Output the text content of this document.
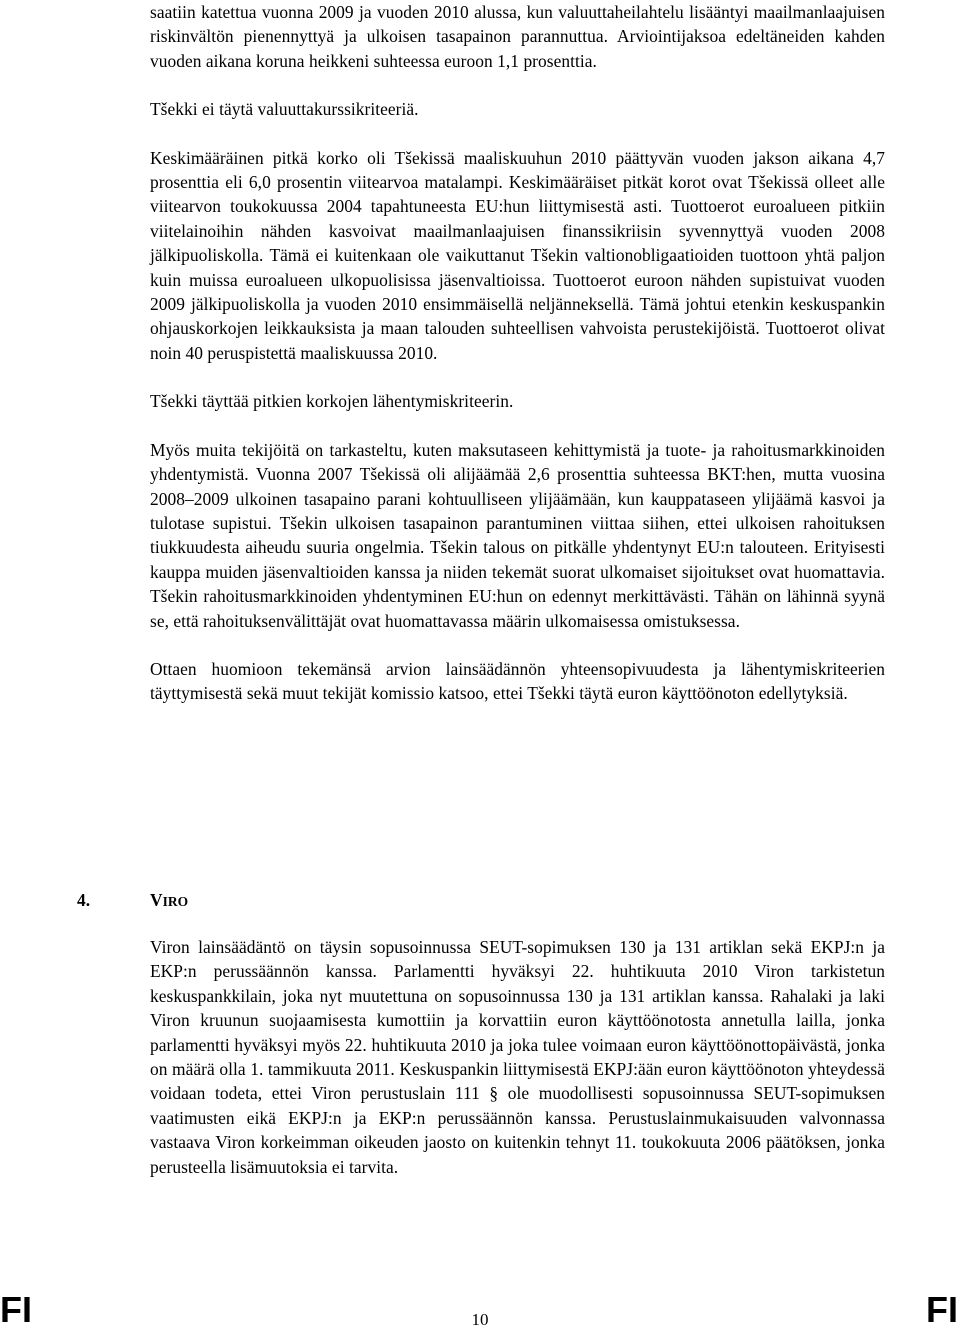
saatiin katettua vuonna 2009 ja vuoden 2010 alussa, kun valuuttaheilahtelu lisääntyi maailmanlaajuisen riskinvältön pienennyttyä ja ulkoisen tasapainon parannuttua. Arviointijaksoa edeltäneiden kahden vuoden aikana koruna heikkeni suhteessa euroon 1,1 prosenttia.

Tšekki ei täytä valuuttakurssikriteeriä.

Keskimääräinen pitkä korko oli Tšekissä maaliskuuhun 2010 päättyvän vuoden jakson aikana 4,7 prosenttia eli 6,0 prosentin viitearvoa matalampi. Keskimääräiset pitkät korot ovat Tšekissä olleet alle viitearvon toukokuussa 2004 tapahtuneesta EU:hun liittymisestä asti. Tuottoerot euroalueen pitkiin viitelainoihin nähden kasvoivat maailmanlaajuisen finanssikriisin syvennyttyä vuoden 2008 jälkipuoliskolla. Tämä ei kuitenkaan ole vaikuttanut Tšekin valtionobligaatioiden tuottoon yhtä paljon kuin muissa euroalueen ulkopuolisissa jäsenvaltioissa. Tuottoerot euroon nähden supistuivat vuoden 2009 jälkipuoliskolla ja vuoden 2010 ensimmäisellä neljänneksellä. Tämä johtui etenkin keskuspankin ohjauskorkojen leikkauksista ja maan talouden suhteellisen vahvoista perustekijöistä. Tuottoerot olivat noin 40 peruspistettä maaliskuussa 2010.

Tšekki täyttää pitkien korkojen lähentymiskriteerin.

Myös muita tekijöitä on tarkasteltu, kuten maksutaseen kehittymistä ja tuote- ja rahoitusmarkkinoiden yhdentymistä. Vuonna 2007 Tšekissä oli alijäämää 2,6 prosenttia suhteessa BKT:hen, mutta vuosina 2008–2009 ulkoinen tasapaino parani kohtuulliseen ylijäämään, kun kauppataseen ylijäämä kasvoi ja tulotase supistui. Tšekin ulkoisen tasapainon parantuminen viittaa siihen, ettei ulkoisen rahoituksen tiukkuudesta aiheudu suuria ongelmia. Tšekin talous on pitkälle yhdentynyt EU:n talouteen. Erityisesti kauppa muiden jäsenvaltioiden kanssa ja niiden tekemät suorat ulkomaiset sijoitukset ovat huomattavia. Tšekin rahoitusmarkkinoiden yhdentyminen EU:hun on edennyt merkittävästi. Tähän on lähinnä syynä se, että rahoituksenvälittäjät ovat huomattavassa määrin ulkomaisessa omistuksessa.

Ottaen huomioon tekemänsä arvion lainsäädännön yhteensopivuudesta ja lähentymiskriteerien täyttymisestä sekä muut tekijät komissio katsoo, ettei Tšekki täytä euron käyttöönoton edellytyksiä.

4.	VIRO

Viron lainsäädäntö on täysin sopusoinnussa SEUT-sopimuksen 130 ja 131 artiklan sekä EKPJ:n ja EKP:n perussäännön kanssa. Parlamentti hyväksyi 22. huhtikuuta 2010 Viron tarkistetun keskuspankkilain, joka nyt muutettuna on sopusoinnussa 130 ja 131 artiklan kanssa. Rahalaki ja laki Viron kruunun suojaamisesta kumottiin ja korvattiin euron käyttöönotosta annetulla lailla, jonka parlamentti hyväksyi myös 22. huhtikuuta 2010 ja joka tulee voimaan euron käyttöönottopäivästä, jonka on määrä olla 1. tammikuuta 2011. Keskuspankin liittymisestä EKPJ:ään euron käyttöönoton yhteydessä voidaan todeta, ettei Viron perustuslain 111 § ole muodollisesti sopusoinnussa SEUT-sopimuksen vaatimusten eikä EKPJ:n ja EKP:n perussäännön kanssa. Perustuslainmukaisuuden valvonnassa vastaava Viron korkeimman oikeuden jaosto on kuitenkin tehnyt 11. toukokuuta 2006 päätöksen, jonka perusteella lisämuutoksia ei tarvita.

FI	10	FI
